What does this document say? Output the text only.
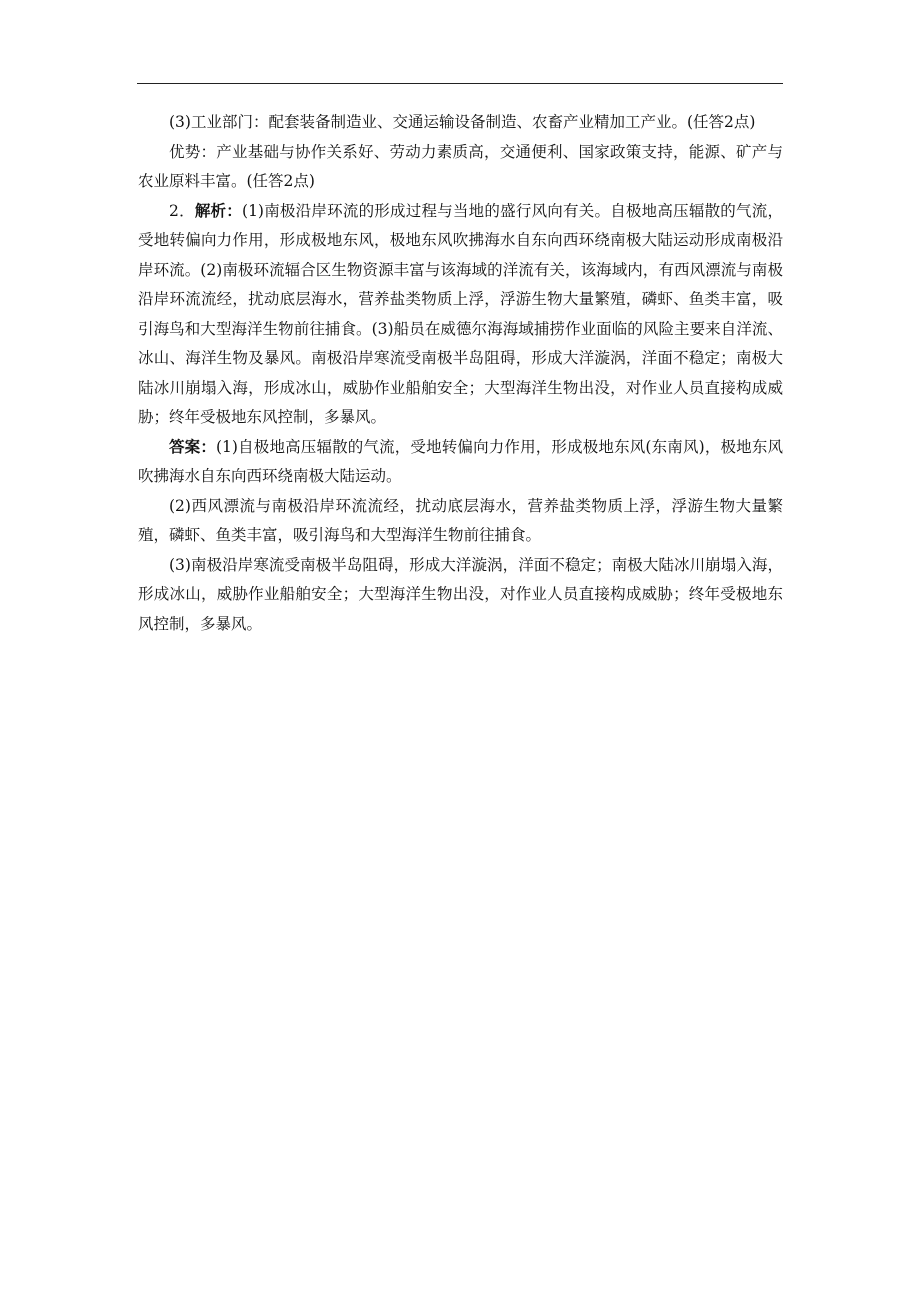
(3)工业部门：配套装备制造业、交通运输设备制造、农畜产业精加工产业。(任答2点)

优势：产业基础与协作关系好、劳动力素质高，交通便利、国家政策支持，能源、矿产与农业原料丰富。(任答2点)

2．解析：(1)南极沿岸环流的形成过程与当地的盛行风向有关。自极地高压辐散的气流，受地转偏向力作用，形成极地东风，极地东风吹拂海水自东向西环绕南极大陆运动形成南极沿岸环流。(2)南极环流辐合区生物资源丰富与该海域的洋流有关，该海域内，有西风漂流与南极沿岸环流流经，扰动底层海水，营养盐类物质上浮，浮游生物大量繁殖，磷虾、鱼类丰富，吸引海鸟和大型海洋生物前往捕食。(3)船员在威德尔海海域捕捞作业面临的风险主要来自洋流、冰山、海洋生物及暴风。南极沿岸寒流受南极半岛阻碍，形成大洋漩涡，洋面不稳定；南极大陆冰川崩塌入海，形成冰山，威胁作业船舶安全；大型海洋生物出没，对作业人员直接构成威胁；终年受极地东风控制，多暴风。

答案：(1)自极地高压辐散的气流，受地转偏向力作用，形成极地东风(东南风)，极地东风吹拂海水自东向西环绕南极大陆运动。

(2)西风漂流与南极沿岸环流流经，扰动底层海水，营养盐类物质上浮，浮游生物大量繁殖，磷虾、鱼类丰富，吸引海鸟和大型海洋生物前往捕食。

(3)南极沿岸寒流受南极半岛阻碍，形成大洋漩涡，洋面不稳定；南极大陆冰川崩塌入海，形成冰山，威胁作业船舶安全；大型海洋生物出没，对作业人员直接构成威胁；终年受极地东风控制，多暴风。
